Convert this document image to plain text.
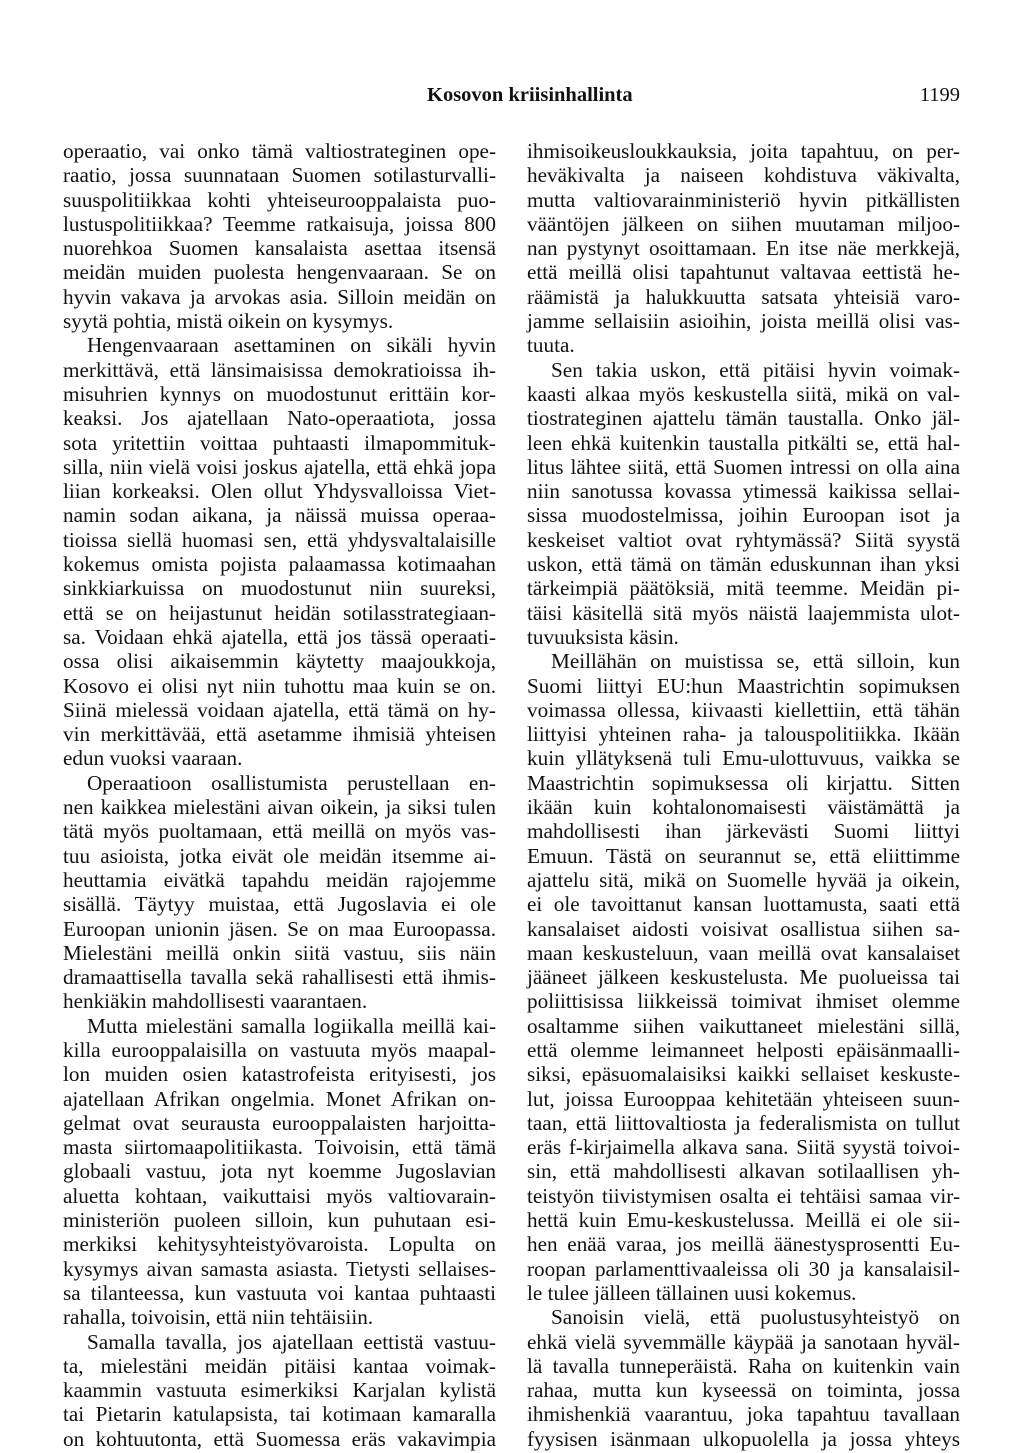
Kosovon kriisinhallinta	1199
operaatio, vai onko tämä valtiostrateginen ope-
raatio, jossa suunnataan Suomen sotilasturvalli-
suuspolitiikkaa kohti yhteiseurooppalaista puo-
lustuspolitiikkaa? Teemme ratkaisuja, joissa 800
nuorehkoa Suomen kansalaista asettaa itsensä
meidän muiden puolesta hengenvaaraan. Se on
hyvin vakava ja arvokas asia. Silloin meidän on
syytä pohtia, mistä oikein on kysymys.
Hengenvaaraan asettaminen on sikäli hyvin
merkittävä, että länsimaisissa demokratioissa ih-
misuhrien kynnys on muodostunut erittäin kor-
keaksi. Jos ajatellaan Nato-operaatiota, jossa
sota yritettiin voittaa puhtaasti ilmapommituk-
silla, niin vielä voisi joskus ajatella, että ehkä jopa
liian korkeaksi. Olen ollut Yhdysvalloissa Viet-
namin sodan aikana, ja näissä muissa operaa-
tioissa siellä huomasi sen, että yhdysvaltalaisille
kokemus omista pojista palaamassa kotimaahan
sinkkiarkuissa on muodostunut niin suureksi,
että se on heijastunut heidän sotilasstrategiaan-
sa. Voidaan ehkä ajatella, että jos tässä operaati-
ossa olisi aikaisemmin käytetty maajoukkoja,
Kosovo ei olisi nyt niin tuhottu maa kuin se on.
Siinä mielessä voidaan ajatella, että tämä on hy-
vin merkittävää, että asetamme ihmisiä yhteisen
edun vuoksi vaaraan.
Operaatioon osallistumista perustellaan en-
nen kaikkea mielestäni aivan oikein, ja siksi tulen
tätä myös puoltamaan, että meillä on myös vas-
tuu asioista, jotka eivät ole meidän itsemme ai-
heuttamia eivätkä tapahdu meidän rajojemme
sisällä. Täytyy muistaa, että Jugoslavia ei ole
Euroopan unionin jäsen. Se on maa Euroopassa.
Mielestäni meillä onkin siitä vastuu, siis näin
dramaattisella tavalla sekä rahallisesti että ihmis-
henkiäkin mahdollisesti vaarantaen.
Mutta mielestäni samalla logiikalla meillä kai-
killa eurooppalaisilla on vastuuta myös maapal-
lon muiden osien katastrofeista erityisesti, jos
ajatellaan Afrikan ongelmia. Monet Afrikan on-
gelmat ovat seurausta eurooppalaisten harjoitta-
masta siirtomaapolitiikasta. Toivoisin, että tämä
globaali vastuu, jota nyt koemme Jugoslavian
aluetta kohtaan, vaikuttaisi myös valtiovarain-
ministeriön puoleen silloin, kun puhutaan esi-
merkiksi kehitysyhteistyövaroista. Lopulta on
kysymys aivan samasta asiasta. Tietysti sellaises-
sa tilanteessa, kun vastuuta voi kantaa puhtaasti
rahalla, toivoisin, että niin tehtäisiin.
Samalla tavalla, jos ajatellaan eettistä vastuu-
ta, mielestäni meidän pitäisi kantaa voimak-
kaammin vastuuta esimerkiksi Karjalan kylistä
tai Pietarin katulapsista, tai kotimaan kamaralla
on kohtuutonta, että Suomessa eräs vakavimpia
ihmisoikeusloukkauksia, joita tapahtuu, on per-
heväkivalta ja naiseen kohdistuva väkivalta,
mutta valtiovarainministeriö hyvin pitkällisten
vääntöjen jälkeen on siihen muutaman miljoo-
nan pystynyt osoittamaan. En itse näe merkkejä,
että meillä olisi tapahtunut valtavaa eettistä he-
räämistä ja halukkuutta satsata yhteisiä varo-
jamme sellaisiin asioihin, joista meillä olisi vas-
tuuta.
Sen takia uskon, että pitäisi hyvin voimak-
kaasti alkaa myös keskustella siitä, mikä on val-
tiostrateginen ajattelu tämän taustalla. Onko jäl-
leen ehkä kuitenkin taustalla pitkälti se, että hal-
litus lähtee siitä, että Suomen intressi on olla aina
niin sanotussa kovassa ytimessä kaikissa sellai-
sissa muodostelmissa, joihin Euroopan isot ja
keskeiset valtiot ovat ryhtymässä? Siitä syystä
uskon, että tämä on tämän eduskunnan ihan yksi
tärkeimpiä päätöksiä, mitä teemme. Meidän pi-
täisi käsitellä sitä myös näistä laajemmista ulot-
tuvuuksista käsin.
Meillähän on muistissa se, että silloin, kun
Suomi liittyi EU:hun Maastrichtin sopimuksen
voimassa ollessa, kiivaasti kiellettiin, että tähän
liittyisi yhteinen raha- ja talouspolitiikka. Ikään
kuin yllätyksenä tuli Emu-ulottuvuus, vaikka se
Maastrichtin sopimuksessa oli kirjattu. Sitten
ikään kuin kohtalonomaisesti väistämättä ja
mahdollisesti ihan järkevästi Suomi liittyi
Emuun. Tästä on seurannut se, että eliittimme
ajattelu sitä, mikä on Suomelle hyvää ja oikein,
ei ole tavoittanut kansan luottamusta, saati että
kansalaiset aidosti voisivat osallistua siihen sa-
maan keskusteluun, vaan meillä ovat kansalaiset
jääneet jälkeen keskustelusta. Me puolueissa tai
poliittisissa liikkeissä toimivat ihmiset olemme
osaltamme siihen vaikuttaneet mielestäni sillä,
että olemme leimanneet helposti epäisänmaalli-
siksi, epäsuomalaisiksi kaikki sellaiset keskuste-
lut, joissa Eurooppaa kehitetään yhteiseen suun-
taan, että liittovaltiosta ja federalismista on tullut
eräs f-kirjaimella alkava sana. Siitä syystä toivoi-
sin, että mahdollisesti alkavan sotilaallisen yh-
teistyön tiivistymisen osalta ei tehtäisi samaa vir-
hettä kuin Emu-keskustelussa. Meillä ei ole sii-
hen enää varaa, jos meillä äänestysprosentti Eu-
roopan parlamenttivaaleissa oli 30 ja kansalaisil-
le tulee jälleen tällainen uusi kokemus.
Sanoisin vielä, että puolustusyhteistyö on
ehkä vielä syvemmälle käypää ja sanotaan hyväl-
lä tavalla tunneperäistä. Raha on kuitenkin vain
rahaa, mutta kun kyseessä on toiminta, jossa
ihmishenkiä vaarantuu, joka tapahtuu tavallaan
fyysisen isänmaan ulkopuolella ja jossa yhteys
